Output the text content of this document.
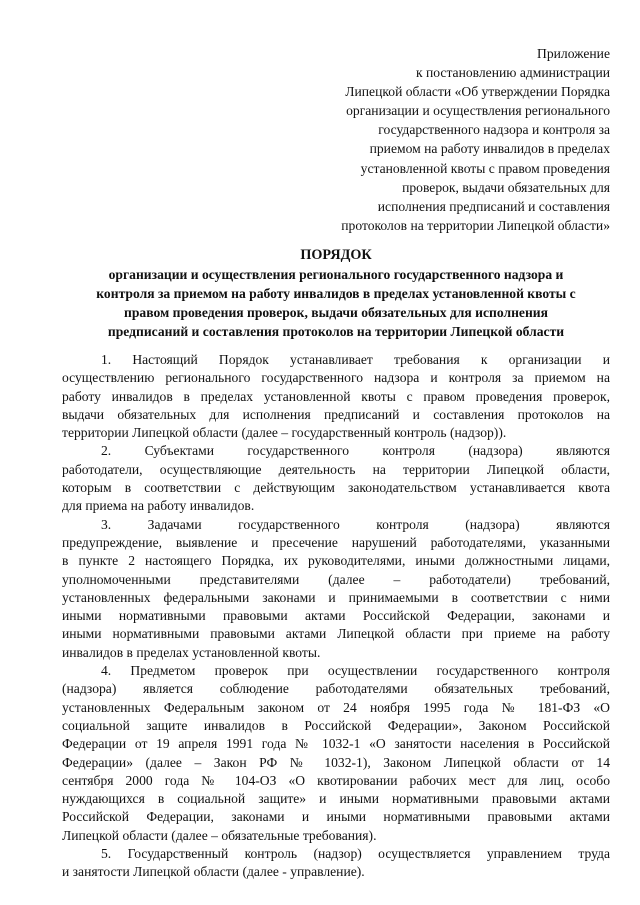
Приложение
к постановлению администрации
Липецкой области «Об утверждении Порядка
организации и осуществления регионального
государственного надзора и контроля за
приемом на работу инвалидов в пределах
установленной квоты с правом проведения
проверок, выдачи обязательных для
исполнения предписаний и составления
протоколов на территории Липецкой области»
ПОРЯДОК
организации и осуществления регионального государственного надзора и
контроля за приемом на работу инвалидов в пределах установленной квоты с
правом проведения проверок, выдачи обязательных для исполнения
предписаний и составления протоколов на территории Липецкой области
1. Настоящий Порядок устанавливает требования к организации и
осуществлению регионального государственного надзора и контроля за приемом на
работу инвалидов в пределах установленной квоты с правом проведения проверок,
выдачи обязательных для исполнения предписаний и составления протоколов на
территории Липецкой области (далее – государственный контроль (надзор)).
2. Субъектами государственного контроля (надзора) являются
работодатели, осуществляющие деятельность на территории Липецкой области,
которым в соответствии с действующим законодательством устанавливается квота
для приема на работу инвалидов.
3. Задачами государственного контроля (надзора) являются
предупреждение, выявление и пресечение нарушений работодателями, указанными
в пункте 2 настоящего Порядка, их руководителями, иными должностными лицами,
уполномоченными представителями (далее – работодатели) требований,
установленных федеральными законами и принимаемыми в соответствии с ними
иными нормативными правовыми актами Российской Федерации, законами и
иными нормативными правовыми актами Липецкой области при приеме на работу
инвалидов в пределах установленной квоты.
4. Предметом проверок при осуществлении государственного контроля
(надзора) является соблюдение работодателями обязательных требований,
установленных Федеральным законом от 24 ноября 1995 года № 181-ФЗ «О
социальной защите инвалидов в Российской Федерации», Законом Российской
Федерации от 19 апреля 1991 года № 1032-1 «О занятости населения в Российской
Федерации» (далее – Закон РФ № 1032-1), Законом Липецкой области от 14
сентября 2000 года № 104-ОЗ «О квотировании рабочих мест для лиц, особо
нуждающихся в социальной защите» и иными нормативными правовыми актами
Российской Федерации, законами и иными нормативными правовыми актами
Липецкой области (далее – обязательные требования).
5. Государственный контроль (надзор) осуществляется управлением труда
и занятости Липецкой области (далее - управление).
